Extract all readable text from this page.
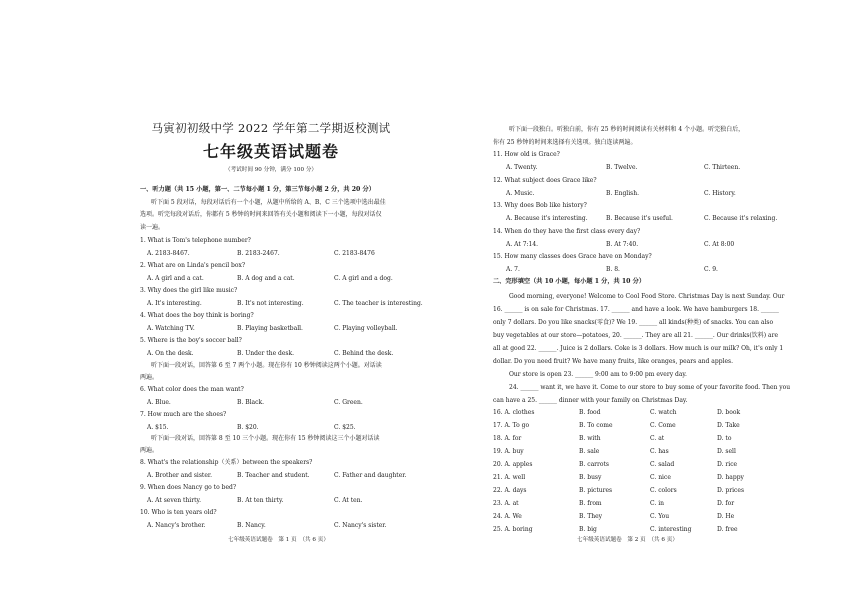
马寅初初级中学 2022 学年第二学期返校测试
七年级英语试题卷
（考试时间 90 分钟，满分 100 分）
一、听力题（共 15 小题，第一、二节每小题 1 分，第三节每小题 2 分，共 20 分）
听下面 5 段对话，每段对话后有一个小题，从题中所给的 A、B、C 三个选项中选出最佳
选项。听完每段对话后，你都有 5 秒钟的时间来回答有关小题和阅读下一小题，每段对话仅
读一遍。
1. What is Tom's telephone number?
A. 2183-8467.	B. 2183-2467.	C. 2183-8476
2. What are on Linda's pencil box?
A. A girl and a cat.	B. A dog and a cat.	C. A girl and a dog.
3. Why does the girl like music?
A. It's interesting.	B. It's not interesting.	C. The teacher is interesting.
4. What does the boy think is boring?
A. Watching TV.	B. Playing basketball.	C. Playing volleyball.
5. Where is the boy's soccer ball?
A. On the desk.	B. Under the desk.	C. Behind the desk.
听下面一段对话，回答第 6 至 7 两个小题。现在你有 10 秒钟阅读这两个小题。对话读
两遍。
6. What color does the man want?
A. Blue.	B. Black.	C. Green.
7. How much are the shoes?
A. $15.	B. $20.	C. $25.
听下面一段对话，回答第 8 至 10 三个小题。现在你有 15 秒钟阅读这三个小题对话读
两遍。
8. What's the relationship（关系）between the speakers?
A. Brother and sister.	B. Teacher and student.	C. Father and daughter.
9. When does Nancy go to bed?
A. At seven thirty.	B. At ten thirty.	C. At ten.
10. Who is ten years old?
A. Nancy's brother.	B. Nancy.	C. Nancy's sister.
七年级英语试题卷　第 1 页　（共 6 页）
听下面一段独白。听独白前，你有 25 秒的时间阅读有关材料和 4 个小题。听完独白后，
你有 25 秒钟的时间来选择有关选项。独白连读两遍。
11. How old is Grace?
A. Twenty.	B. Twelve.	C. Thirteen.
12. What subject does Grace like?
A. Music.	B. English.	C. History.
13. Why does Bob like history?
A. Because it's interesting.	B. Because it's useful.	C. Because it's relaxing.
14. When do they have the first class every day?
A. At 7:14.	B. At 7:40.	C. At 8:00
15. How many classes does Grace have on Monday?
A. 7.	B. 8.	C. 9.
二、完形填空（共 10 小题，每小题 1 分，共 10 分）
Good morning, everyone! Welcome to Cool Food Store. Christmas Day is next Sunday. Our
16. ______ is on sale for Christmas. 17. ______ and have a look. We have hamburgers 18. ______
only 7 dollars. Do you like snacks(零食)? We 19. ______ all kinds(种类) of snacks. You can also
buy vegetables at our store—potatoes, 20. ______. They are all 21. ______. Our drinks(饮料) are
all at good 22. ______. Juice is 2 dollars. Coke is 3 dollars. How much is our milk? Oh, it's only 1
dollar. Do you need fruit? We have many fruits, like oranges, pears and apples.
Our store is open 23. ______ 9:00 am to 9:00 pm every day.
24. ______ want it, we have it. Come to our store to buy some of your favorite food. Then you
can have a 25. ______ dinner with your family on Christmas Day.
16. A. clothes	B. food	C. watch	D. book
17. A. To go	B. To come	C. Come	D. Take
18. A. for	B. with	C. at	D. to
19. A. buy	B. sale	C. has	D. sell
20. A. apples	B. carrots	C. salad	D. rice
21. A. well	B. busy	C. nice	D. happy
22. A. days	B. pictures	C. colors	D. prices
23. A. at	B. from	C. in	D. for
24. A. We	B. They	C. You	D. He
25. A. boring	B. big	C. interesting	D. free
七年级英语试题卷　第 2 页　（共 6 页）
